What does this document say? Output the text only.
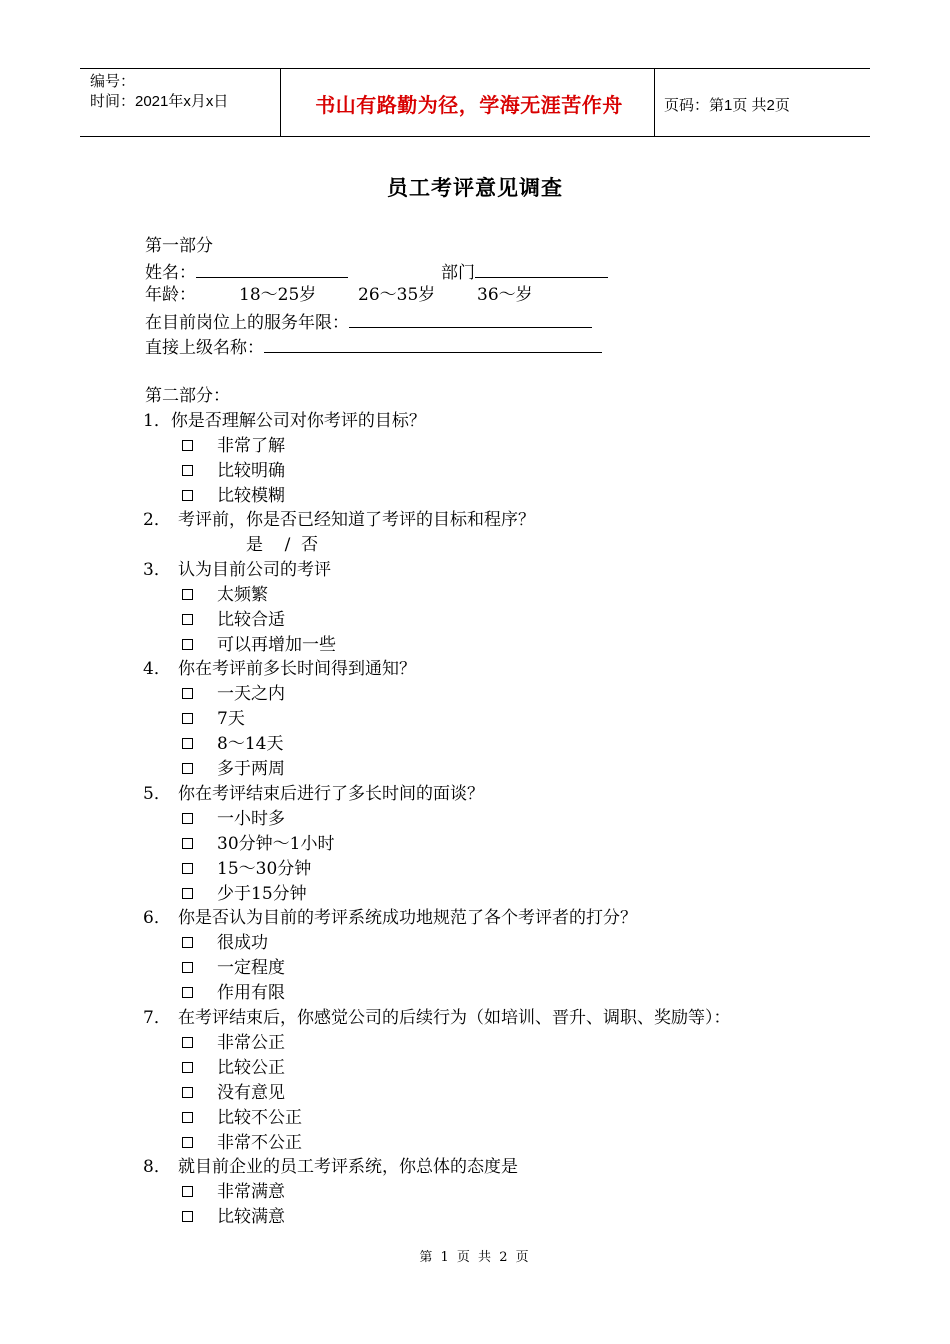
编号：
时间：2021年x月x日	书山有路勤为径，学海无涯苦作舟	页码：第1页 共2页
员工考评意见调查
第一部分
姓名：	部门
年龄：	18～25岁 26～35岁 36～岁
在目前岗位上的服务年限：
直接上级名称：
第二部分：
1．你是否理解公司对你考评的目标？
非常了解
比较明确
比较模糊
2． 考评前，你是否已经知道了考评的目标和程序？
是    /  否
3． 认为目前公司的考评
太频繁
比较合适
可以再增加一些
4． 你在考评前多长时间得到通知？
一天之内
7天
8～14天
多于两周
5． 你在考评结束后进行了多长时间的面谈？
一小时多
30分钟～1小时
15～30分钟
少于15分钟
6． 你是否认为目前的考评系统成功地规范了各个考评者的打分？
很成功
一定程度
作用有限
7． 在考评结束后，你感觉公司的后续行为（如培训、晋升、调职、奖励等）：
非常公正
比较公正
没有意见
比较不公正
非常不公正
8． 就目前企业的员工考评系统，你总体的态度是
非常满意
比较满意
第 1 页 共 2 页
